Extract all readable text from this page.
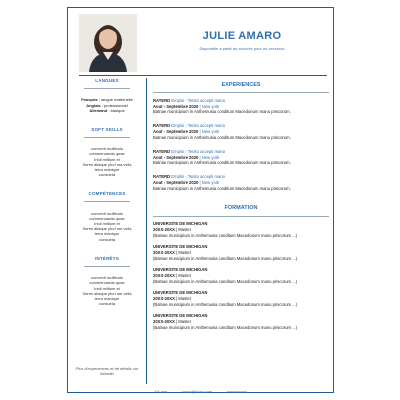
JULIE AMARO
Disponible à partir du xx/xx/xx pour un xxxxxxxx
LANGUES
Français : langue maternelle
Anglais : professionnel
Allemand : basique
SOFT SKILLS
convenit multitudo
commercanda quae
Inidi militum et
Seres aliaque pluri ma velis
terra manique
consueta
COMPÉTENCES
convenit multitudo
commercanda quae
Inidi militum et
Seres aliaque pluri me velis
terra manique
consueta
INTÉRÊTS
convenit multitudo
commercanda quae
Inidi militum et
Seres aliaque pluri me velis
terra manique
consueta
Plus d'expériences et de détails sur linkedin
EXPERIENCES
RATERD Emploi - Tenito accepti mano
Aout - Septembre 2020 | New york
Batnae municipium in Anthemusia conditum Macedonum manu priscorum.
RATERD Emploi - Tenito accepti mano
Aout - Septembre 2020 | New york
Batnae municipium in Anthemusia conditum Macedonum manu priscorum.
RATERD Emploi - Tenito accepti mano
Aout - Septembre 2020 | New york
Batnae municipium in Anthemusia conditum Macedonum manu priscorum.
RATERD Emploi - Tenito accepti mano
Aout - Septembre 2020 | New york
Batnae municipium in Anthemusia conditum Macedonum manu priscorum.
FORMATION
UNIVERSITE DE MICHIGAN
20XX-20XX | Master
(Batnae municipium in Anthemusia conditum Macedonum manu priscorum ...)
UNIVERSITE DE MICHIGAN
20XX-20XX | Master
(Batnae municipium in Anthemusia conditum Macedonum manu priscorum ...)
UNIVERSITE DE MICHIGAN
20XX-20XX | Master
(Batnae municipium in Anthemusia conditum Macedonum manu priscorum ...)
UNIVERSITE DE MICHIGAN
20XX-20XX | Master
(Batnae municipium in Anthemusia conditum Macedonum manu priscorum ...)
UNIVERSITE DE MICHIGAN
20XX-20XX | Master
(Batnae municipium in Anthemusia conditum Macedonum manu priscorum ...)
XX ans — xxxxx@xxxx.com — xxxxxxxxxx
